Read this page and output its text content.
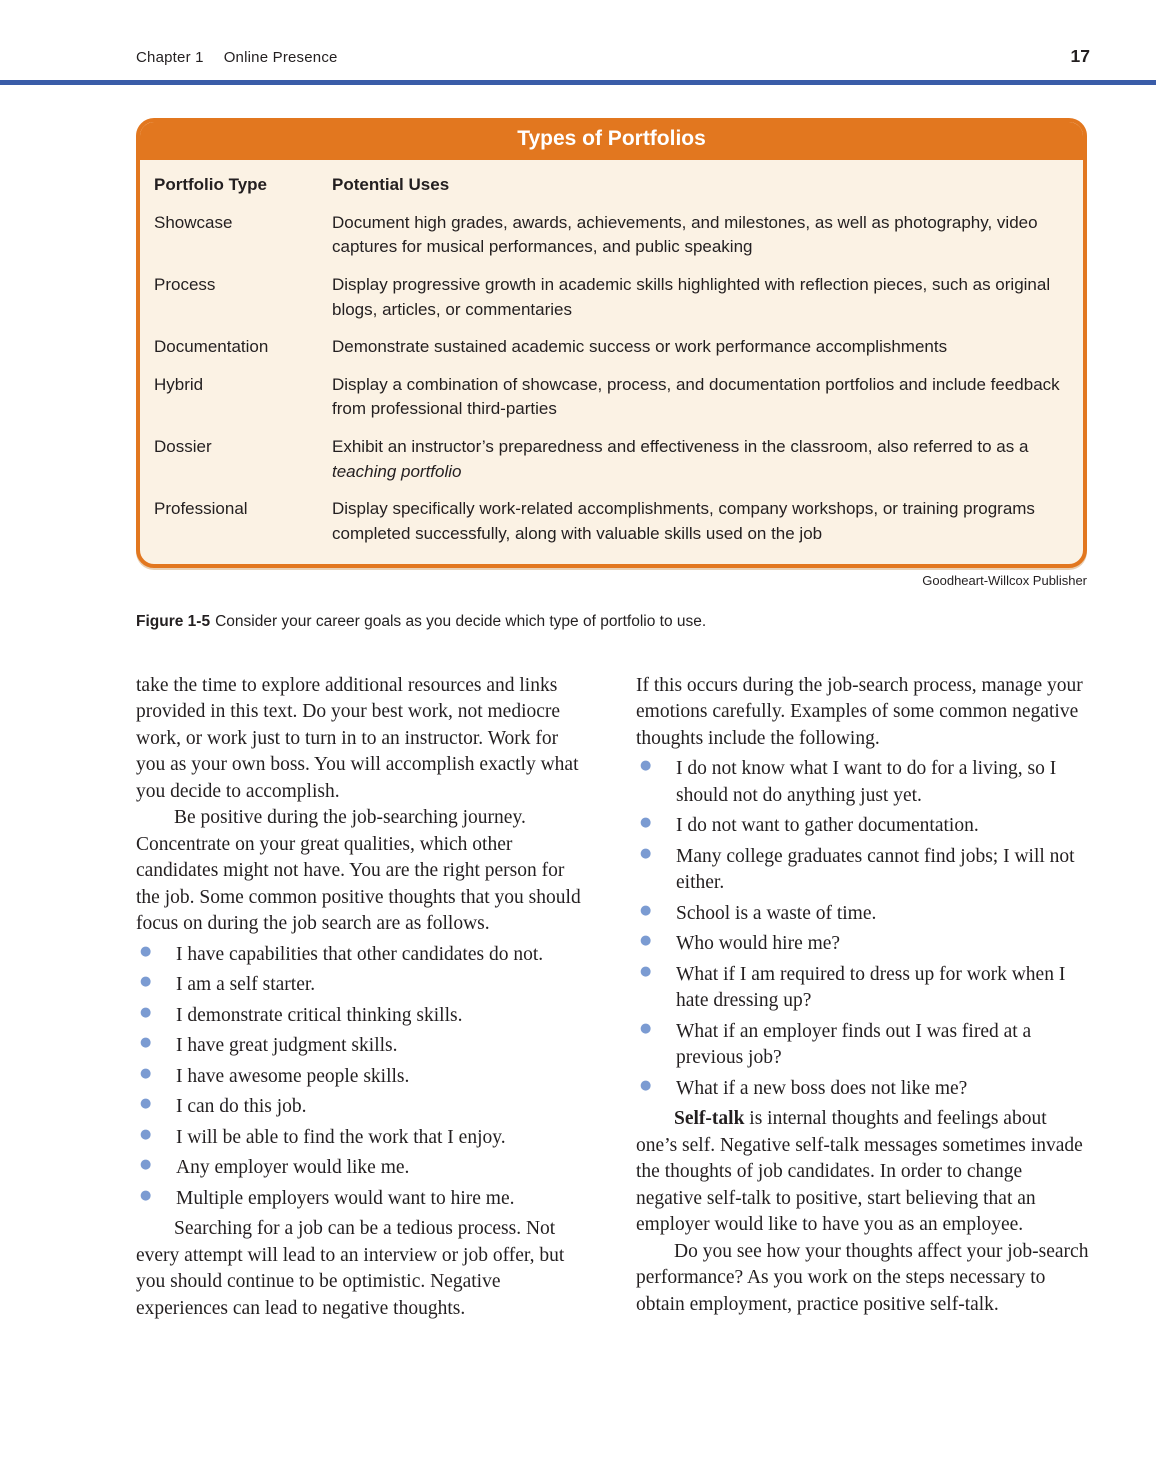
Chapter 1 Online Presence	17
Types of Portfolios
Portfolio Type	Potential Uses
Showcase	Document high grades, awards, achievements, and milestones, as well as photography, video captures for musical performances, and public speaking
Process	Display progressive growth in academic skills highlighted with reflection pieces, such as original blogs, articles, or commentaries
Documentation	Demonstrate sustained academic success or work performance accomplishments
Hybrid	Display a combination of showcase, process, and documentation portfolios and include feedback from professional third-parties
Dossier	Exhibit an instructor’s preparedness and effectiveness in the classroom, also referred to as a teaching portfolio
Professional	Display specifically work-related accomplishments, company workshops, or training programs completed successfully, along with valuable skills used on the job
Goodheart-Willcox Publisher

Figure 1-5 Consider your career goals as you decide which type of portfolio to use.

take the time to explore additional resources and links provided in this text. Do your best work, not mediocre work, or work just to turn in to an instructor. Work for you as your own boss. You will accomplish exactly what you decide to accomplish.

Be positive during the job-searching journey. Concentrate on your great qualities, which other candidates might not have. You are the right person for the job. Some common positive thoughts that you should focus on during the job search are as follows.

● I have capabilities that other candidates do not.
● I am a self starter.
● I demonstrate critical thinking skills.
● I have great judgment skills.
● I have awesome people skills.
● I can do this job.
● I will be able to find the work that I enjoy.
● Any employer would like me.
● Multiple employers would want to hire me.

Searching for a job can be a tedious process. Not every attempt will lead to an interview or job offer, but you should continue to be optimistic. Negative experiences can lead to negative thoughts.

If this occurs during the job-search process, manage your emotions carefully. Examples of some common negative thoughts include the following.

● I do not know what I want to do for a living, so I should not do anything just yet.
● I do not want to gather documentation.
● Many college graduates cannot find jobs; I will not either.
● School is a waste of time.
● Who would hire me?
● What if I am required to dress up for work when I hate dressing up?
● What if an employer finds out I was fired at a previous job?
● What if a new boss does not like me?

Self-talk is internal thoughts and feelings about one’s self. Negative self-talk messages sometimes invade the thoughts of job candidates. In order to change negative self-talk to positive, start believing that an employer would like to have you as an employee.

Do you see how your thoughts affect your job-search performance? As you work on the steps necessary to obtain employment, practice positive self-talk.
